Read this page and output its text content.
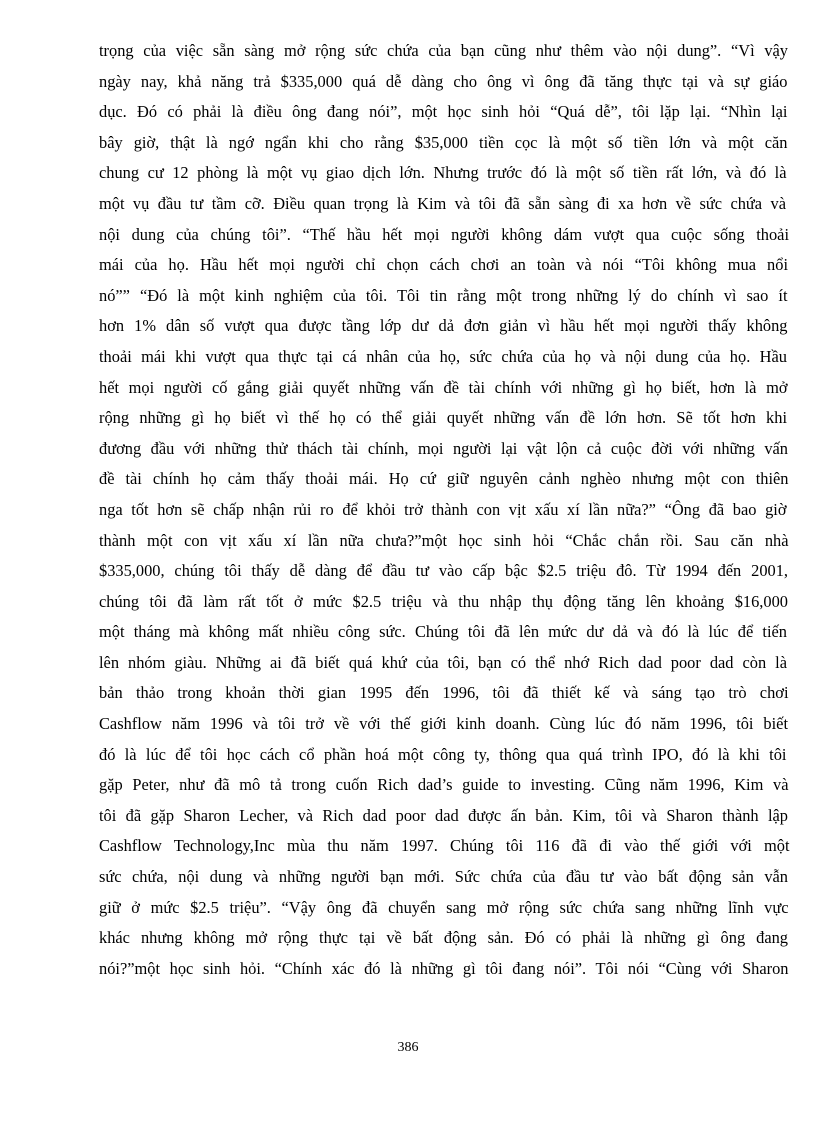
trọng của việc sẵn sàng mở rộng sức chứa của bạn cũng như thêm vào nội dung”. “Vì vậy
ngày nay, khả năng trả $335,000 quá dễ dàng cho ông vì ông đã tăng thực tại và sự giáo
dục. Đó có phải là điều ông đang nói”, một học sinh hỏi “Quá dễ”, tôi lặp lại. “Nhìn lại
bây giờ, thật là ngớ ngẩn khi cho rằng $35,000 tiền cọc là một số tiền lớn và một căn
chung cư 12 phòng là một vụ giao dịch lớn. Nhưng trước đó là một số tiền rất lớn, và đó là
một vụ đầu tư tầm cỡ. Điều quan trọng là Kim và tôi đã sẵn sàng đi xa hơn về sức chứa và
nội dung của chúng tôi”. “Thế hầu hết mọi người không dám vượt qua cuộc sống thoải
mái của họ. Hầu hết mọi người chỉ chọn cách chơi an toàn và nói “Tôi không mua nổi
nó”” “Đó là một kinh nghiệm của tôi. Tôi tin rằng một trong những lý do chính vì sao ít
hơn 1% dân số vượt qua được tầng lớp dư dả đơn giản vì hầu hết mọi người thấy không
thoải mái khi vượt qua thực tại cá nhân của họ, sức chứa của họ và nội dung của họ. Hầu
hết mọi người cố gắng giải quyết những vấn đề tài chính với những gì họ biết, hơn là mở
rộng những gì họ biết vì thế họ có thể giải quyết những vấn đề lớn hơn. Sẽ tốt hơn khi
đương đầu với những thử thách tài chính, mọi người lại vật lộn cả cuộc đời với những vấn
đề tài chính họ cảm thấy thoải mái. Họ cứ giữ nguyên cảnh nghèo nhưng một con thiên
nga tốt hơn sẽ chấp nhận rủi ro để khỏi trở thành con vịt xấu xí lần nữa?” “Ông đã bao giờ
thành một con vịt xấu xí lần nữa chưa?”một học sinh hỏi “Chắc chắn rồi. Sau căn nhà
$335,000, chúng tôi thấy dễ dàng để đầu tư vào cấp bậc $2.5 triệu đô. Từ 1994 đến 2001,
chúng tôi đã làm rất tốt ở mức $2.5 triệu và thu nhập thụ động tăng lên khoảng $16,000
một tháng mà không mất nhiều công sức. Chúng tôi đã lên mức dư dả và đó là lúc để tiến
lên nhóm giàu. Những ai đã biết quá khứ của tôi, bạn có thể nhớ Rich dad poor dad còn là
bản thảo trong khoản thời gian 1995 đến 1996, tôi đã thiết kế và sáng tạo trò chơi
Cashflow năm 1996 và tôi trở về với thế giới kinh doanh. Cùng lúc đó năm 1996, tôi biết
đó là lúc để tôi học cách cổ phần hoá một công ty, thông qua quá trình IPO, đó là khi tôi
gặp Peter, như đã mô tả trong cuốn Rich dad’s guide to investing. Cũng năm 1996, Kim và
tôi đã gặp Sharon Lecher, và Rich dad poor dad được ấn bản. Kim, tôi và Sharon thành lập
Cashflow Technology,Inc mùa thu năm 1997. Chúng tôi 116 đã đi vào thế giới với một
sức chứa, nội dung và những người bạn mới. Sức chứa của đầu tư vào bất động sản vẫn
giữ ở mức $2.5 triệu”. “Vậy ông đã chuyển sang mở rộng sức chứa sang những lĩnh vực
khác nhưng không mở rộng thực tại về bất động sản. Đó có phải là những gì ông đang
nói?”một học sinh hỏi. “Chính xác đó là những gì tôi đang nói”. Tôi nói “Cùng với Sharon

386
